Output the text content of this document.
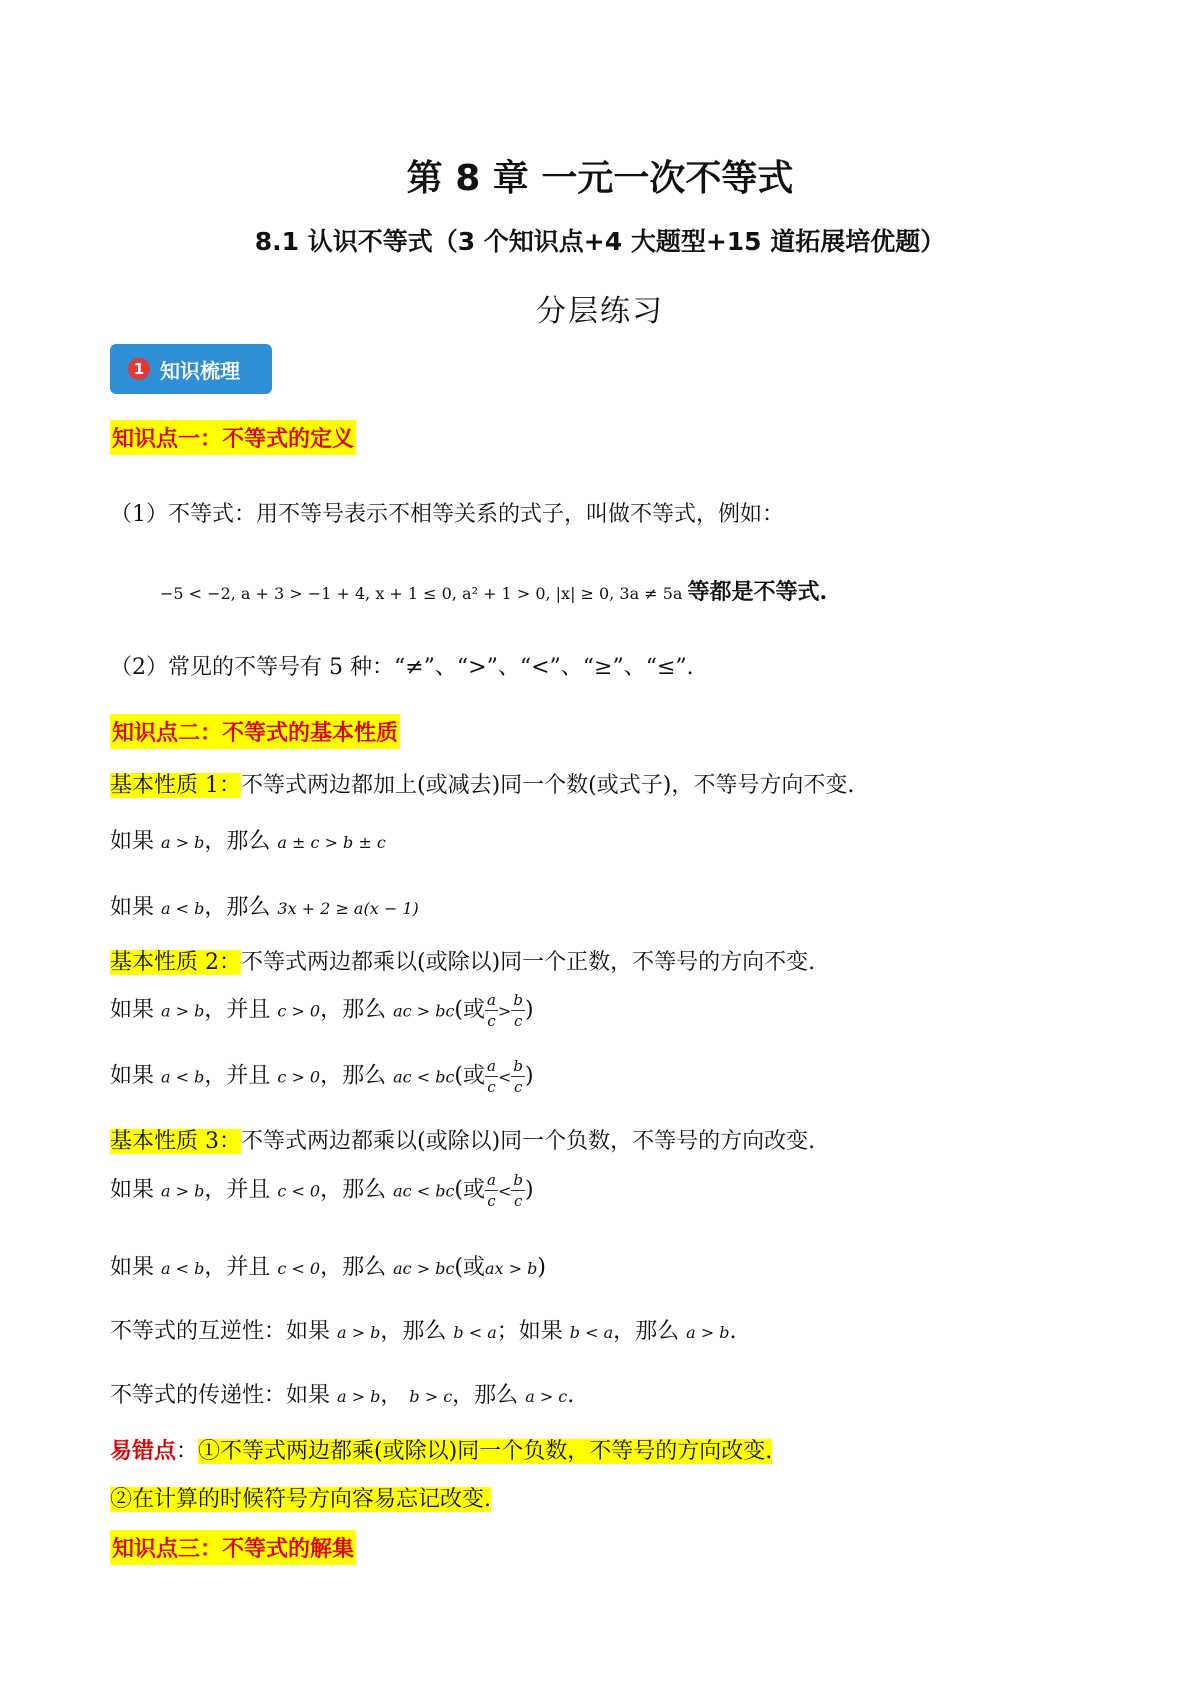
第 8 章 一元一次不等式
8.1 认识不等式（3 个知识点+4 大题型+15 道拓展培优题）
分层练习
1 知识梳理
知识点一：不等式的定义
（1）不等式：用不等号表示不相等关系的式子，叫做不等式，例如：
−5 < −2, a + 3 > −1 + 4, x + 1 ≤ 0, a² + 1 > 0, |x| ≥ 0, 3a ≠ 5a 等都是不等式.
（2）常见的不等号有 5 种：“≠”、“>”、“<”、“≥”、“≤”.
知识点二：不等式的基本性质
基本性质 1：不等式两边都加上(或减去)同一个数(或式子)，不等号方向不变.
如果 a > b，那么 a ± c > b ± c
如果 a < b，那么 3x + 2 ≥ a(x − 1)
基本性质 2：不等式两边都乘以(或除以)同一个正数，不等号的方向不变.
如果 a > b，并且 c > 0，那么 ac > bc(或 $\frac{a}{c} > \frac{b}{c}$ )
如果 a < b，并且 c > 0，那么 ac < bc(或 $\frac{a}{c} < \frac{b}{c}$ )
基本性质 3：不等式两边都乘以(或除以)同一个负数，不等号的方向改变.
如果 a > b，并且 c < 0，那么 ac < bc(或 $\frac{a}{c} < \frac{b}{c}$ )
如果 a < b，并且 c < 0，那么 ac > bc(或ax > b)
不等式的互逆性：如果 a > b，那么 b < a；如果 b < a，那么 a > b.
不等式的传递性：如果 a > b， b > c，那么 a > c.
易错点：①不等式两边都乘(或除以)同一个负数，不等号的方向改变.
②在计算的时候符号方向容易忘记改变.
知识点三：不等式的解集
